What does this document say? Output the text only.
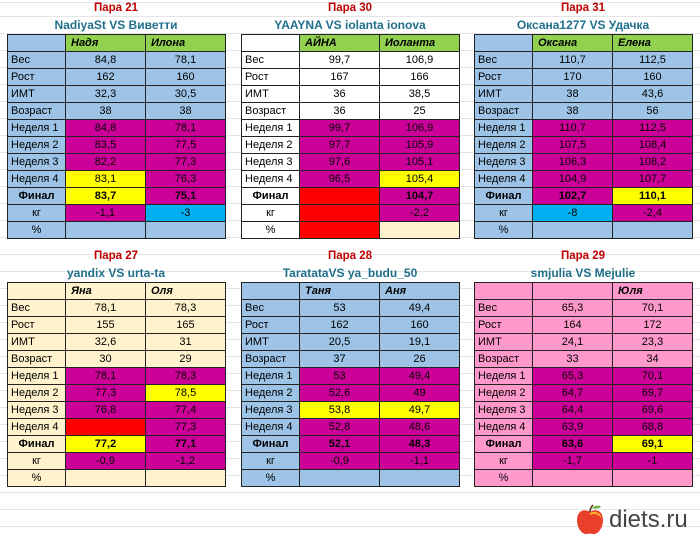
Пара 21
NadiyaSt VS Виветти
	Надя	Илона
Вес	84,8	78,1
Рост	162	160
ИМТ	32,3	30,5
Возраст	38	38
Неделя 1	84,8	78,1
Неделя 2	83,5	77,5
Неделя 3	82,2	77,3
Неделя 4	83,1	76,3
Финал	83,7	75,1
кг	-1,1	-3
%		
Пара 30
YAAYNA VS iolanta ionova
	АЙНА	Иоланта
Вес	99,7	106,9
Рост	167	166
ИМТ	36	38,5
Возраст	36	25
Неделя 1	99,7	106,9
Неделя 2	97,7	105,9
Неделя 3	97,6	105,1
Неделя 4	96,5	105,4
Финал		104,7
кг		-2,2
%		
Пара 31
Оксана1277 VS Удачка
	Оксана	Елена
Вес	110,7	112,5
Рост	170	160
ИМТ	38	43,6
Возраст	38	56
Неделя 1	110,7	112,5
Неделя 2	107,5	108,4
Неделя 3	106,3	108,2
Неделя 4	104,9	107,7
Финал	102,7	110,1
кг	-8	-2,4
%		
Пара 27
yandix VS urta-ta
	Яна	Оля
Вес	78,1	78,3
Рост	155	165
ИМТ	32,6	31
Возраст	30	29
Неделя 1	78,1	78,3
Неделя 2	77,3	78,5
Неделя 3	76,8	77,4
Неделя 4		77,3
Финал	77,2	77,1
кг	-0,9	-1,2
%		
Пара 28
TaratataVS ya_budu_50
	Таня	Аня
Вес	53	49,4
Рост	162	160
ИМТ	20,5	19,1
Возраст	37	26
Неделя 1	53	49,4
Неделя 2	52,6	49
Неделя 3	53,8	49,7
Неделя 4	52,8	48,6
Финал	52,1	48,3
кг	-0,9	-1,1
%		
Пара 29
smjulia VS Mejulie
		Юля
Вес	65,3	70,1
Рост	164	172
ИМТ	24,1	23,3
Возраст	33	34
Неделя 1	65,3	70,1
Неделя 2	64,7	69,7
Неделя 3	64,4	69,6
Неделя 4	63,9	68,8
Финал	63,6	69,1
кг	-1,7	-1
%		
diets.ru
